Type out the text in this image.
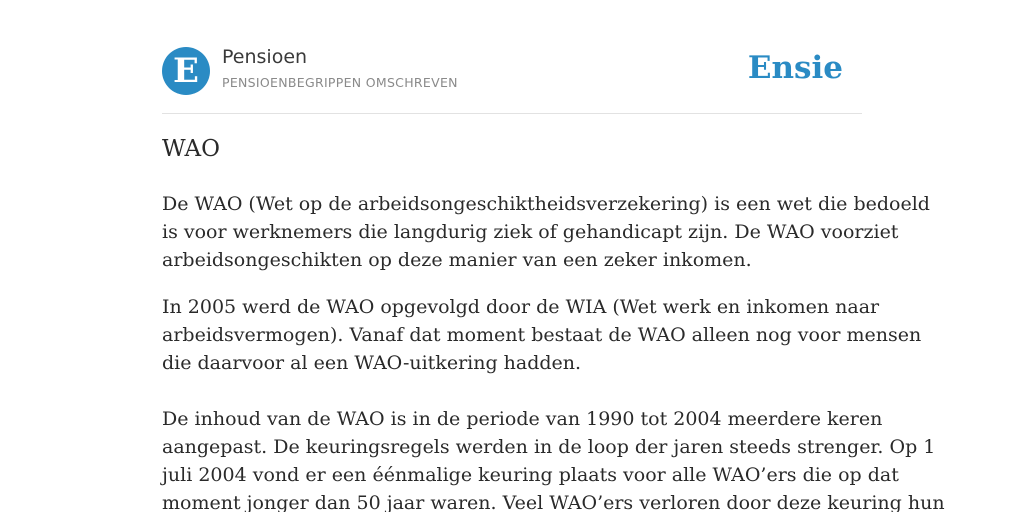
E	Pensioen
PENSIOENBEGRIPPEN OMSCHREVEN	Ensie
WAO
De WAO (Wet op de arbeidsongeschiktheidsverzekering) is een wet die bedoeld
is voor werknemers die langdurig ziek of gehandicapt zijn. De WAO voorziet
arbeidsongeschikten op deze manier van een zeker inkomen.
In 2005 werd de WAO opgevolgd door de WIA (Wet werk en inkomen naar
arbeidsvermogen). Vanaf dat moment bestaat de WAO alleen nog voor mensen
die daarvoor al een WAO-uitkering hadden.
De inhoud van de WAO is in de periode van 1990 tot 2004 meerdere keren
aangepast. De keuringsregels werden in de loop der jaren steeds strenger. Op 1
juli 2004 vond er een éénmalige keuring plaats voor alle WAO’ers die op dat
moment jonger dan 50 jaar waren. Veel WAO’ers verloren door deze keuring hun
